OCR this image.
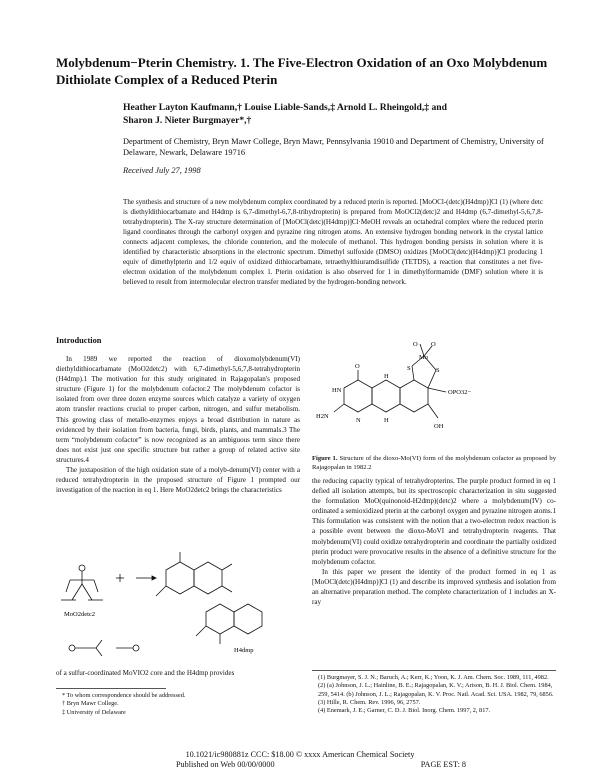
Molybdenum−Pterin Chemistry. 1. The Five-Electron Oxidation of an Oxo Molybdenum Dithiolate Complex of a Reduced Pterin
Heather Layton Kaufmann,† Louise Liable-Sands,‡ Arnold L. Rheingold,‡ and
Sharon J. Nieter Burgmayer*,†
Department of Chemistry, Bryn Mawr College, Bryn Mawr, Pennsylvania 19010 and Department of Chemistry, University of Delaware, Newark, Delaware 19716
Received July 27, 1998
The synthesis and structure of a new molybdenum complex coordinated by a reduced pterin is reported. [MoOCl-(detc)(H4dmp)]Cl (1) (where detc is diethyldithiocarbamate and H4dmp is 6,7-dimethyl-6,7,8-trihydropterin) is prepared from MoOCl2(detc)2 and H4dmp (6,7-dimethyl-5,6,7,8-tetrahydropterin). The X-ray structure determination of [MoOCl(detc)(H4dmp)]Cl·MeOH reveals an octahedral complex where the reduced pterin ligand coordinates through the carbonyl oxygen and pyrazine ring nitrogen atoms. An extensive hydrogen bonding network in the crystal lattice connects adjacent complexes, the chloride counterion, and the molecule of methanol. This hydrogen bonding persists in solution where it is identified by characteristic absorptions in the electronic spectrum. Dimethyl sulfoxide (DMSO) oxidizes [MoOCl(detc)(H4dmp)]Cl producing 1 equiv of dimethylpterin and 1/2 equiv of oxidized dithiocarbamate, tetraethylthiuramdisulfide (TETDS), a reaction that constitutes a net five-electron oxidation of the molybdenum complex 1. Pterin oxidation is also observed for 1 in dimethylformamide (DMF) solution where it is believed to result from intermolecular electron transfer mediated by the hydrogen-bonding network.
Introduction

In 1989 we reported the reaction of dioxomolybdenum(VI) diethyldithiocarbamate (MoO2detc2) with 6,7-dimethyl-5,6,7,8-tetrahydropterin (H4dmp).1 The motivation for this study originated in Rajagopalan's proposed structure (Figure 1) for the molybdenum cofactor.2 The molybdenum cofactor is isolated from over three dozen enzyme sources which catalyze a variety of oxygen atom transfer reactions crucial to proper carbon, nitrogen, and sulfur metabolism. This growing class of metallo-enzymes enjoys a broad distribution in nature as evidenced by their isolation from bacteria, fungi, birds, plants, and mammals.3 The term “molybdenum cofactor” is now recognized as an ambiguous term since there does not exist just one specific structure but rather a group of related active site structures.4

The juxtaposition of the high oxidation state of a molyb-denum(VI) center with a reduced tetrahydropterin in the proposed structure of Figure 1 prompted our investigation of the reaction in eq 1. Here MoO2detc2 brings the characteristics

MoO2detc2
H4dmp
of a sulfur-coordinated MoVIO2 core and the H4dmp provides
* To whom correspondence should be addressed.
† Bryn Mawr College.
‡ University of Delaware
Mo
O O
S	S
O
HN
H2N
N
H
H
OPO32−
OH
Figure 1. Structure of the dioxo-Mo(VI) form of the molybdenum cofactor as proposed by Rajagopalan in 1982.2

the reducing capacity typical of tetrahydropterins. The purple product formed in eq 1 defied all isolation attempts, but its spectroscopic characterization in situ suggested the formulation MoO(quinonoid-H2dmp)(detc)2 where a molybdenum(IV) co-ordinated a semioxidized pterin at the carbonyl oxygen and pyrazine nitrogen atoms.1 This formulation was consistent with the notion that a two-electron redox reaction is a possible event between the dioxo-MoVI and tetrahydropterin reagents. That molybdenum(VI) could oxidize tetrahydropterin and coordinate the partially oxidized pterin product were provocative results in the absence of a definitive structure for the molybdenum cofactor.

In this paper we present the identity of the product formed in eq 1 as [MoOCl(detc)(H4dmp)]Cl (1) and describe its improved synthesis and isolation from an alternative preparation method. The complete characterization of 1 includes an X-ray

(1) Burgmayer, S. J. N.; Baruch, A.; Kerr, K.; Yoon, K. J. Am. Chem. Soc. 1989, 111, 4982.
(2) (a) Johnson, J. L.; Hainline, B. E.; Rajagopalan, K. V.; Arison, B. H. J. Biol. Chem. 1984, 259, 5414. (b) Johnson, J. L.; Rajagopalan, K. V. Proc. Natl. Acad. Sci. USA. 1982, 79, 6856.
(3) Hille, R. Chem. Rev. 1996, 96, 2757.
(4) Enemark, J. E.; Garner, C. D. J. Biol. Inorg. Chem. 1997, 2, 817.
10.1021/ic980881z CCC: $18.00 © xxxx American Chemical Society
Published on Web 00/00/0000	PAGE EST: 8
